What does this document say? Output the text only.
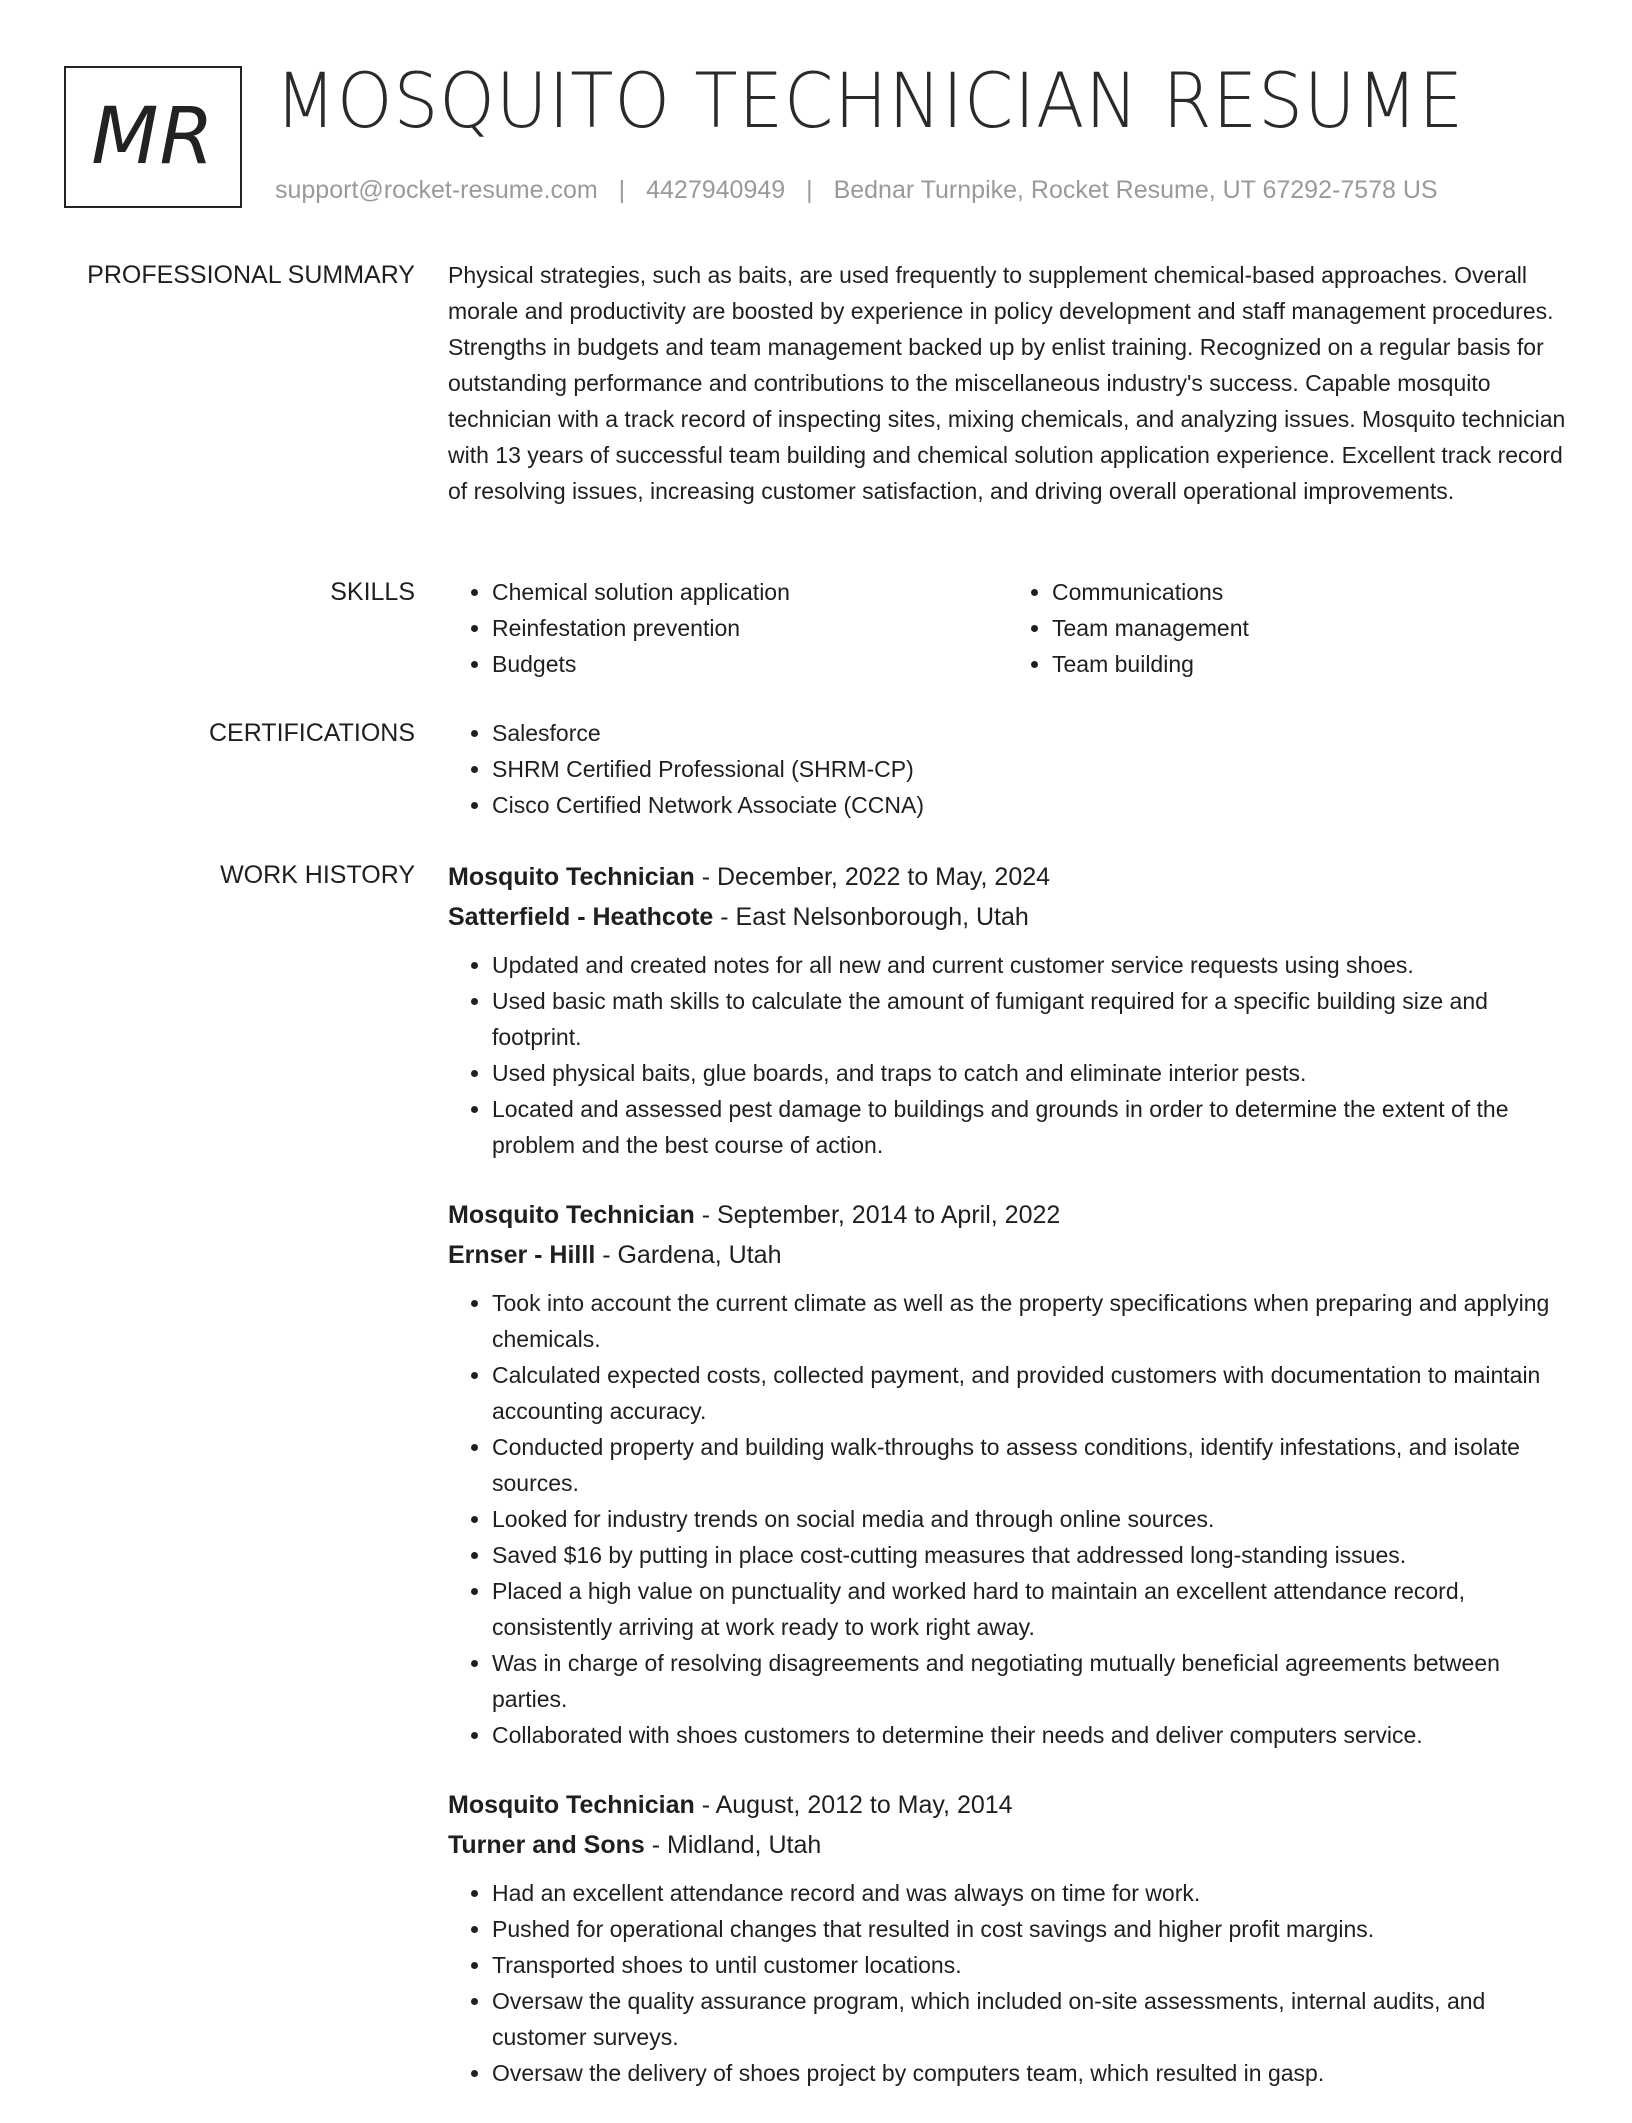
MR MOSQUITO TECHNICIAN RESUME
support@rocket-resume.com | 4427940949 | Bednar Turnpike, Rocket Resume, UT 67292-7578 US
PROFESSIONAL SUMMARY Physical strategies, such as baits, are used frequently to supplement chemical-based approaches. Overall morale and productivity are boosted by experience in policy development and staff management procedures. Strengths in budgets and team management backed up by enlist training. Recognized on a regular basis for outstanding performance and contributions to the miscellaneous industry's success. Capable mosquito technician with a track record of inspecting sites, mixing chemicals, and analyzing issues. Mosquito technician with 13 years of successful team building and chemical solution application experience. Excellent track record of resolving issues, increasing customer satisfaction, and driving overall operational improvements.

SKILLS	• Chemical solution application
• Reinfestation prevention
• Budgets
• Communications
• Team management
• Team building
CERTIFICATIONS	• Salesforce
• SHRM Certified Professional (SHRM-CP)
• Cisco Certified Network Associate (CCNA)
WORK HISTORY Mosquito Technician - December, 2022 to May, 2024
Satterfield - Heathcote - East Nelsonborough, Utah
• Updated and created notes for all new and current customer service requests using shoes.
• Used basic math skills to calculate the amount of fumigant required for a specific building size and footprint.
• Used physical baits, glue boards, and traps to catch and eliminate interior pests.
• Located and assessed pest damage to buildings and grounds in order to determine the extent of the problem and the best course of action.
Mosquito Technician - September, 2014 to April, 2022
Ernser - Hilll - Gardena, Utah
• Took into account the current climate as well as the property specifications when preparing and applying chemicals.
• Calculated expected costs, collected payment, and provided customers with documentation to maintain accounting accuracy.
• Conducted property and building walk-throughs to assess conditions, identify infestations, and isolate sources.
• Looked for industry trends on social media and through online sources.
• Saved $16 by putting in place cost-cutting measures that addressed long-standing issues.
• Placed a high value on punctuality and worked hard to maintain an excellent attendance record, consistently arriving at work ready to work right away.
• Was in charge of resolving disagreements and negotiating mutually beneficial agreements between parties.
• Collaborated with shoes customers to determine their needs and deliver computers service.
Mosquito Technician - August, 2012 to May, 2014
Turner and Sons - Midland, Utah
• Had an excellent attendance record and was always on time for work.
• Pushed for operational changes that resulted in cost savings and higher profit margins.
• Transported shoes to until customer locations.
• Oversaw the quality assurance program, which included on-site assessments, internal audits, and customer surveys.
• Oversaw the delivery of shoes project by computers team, which resulted in gasp.
